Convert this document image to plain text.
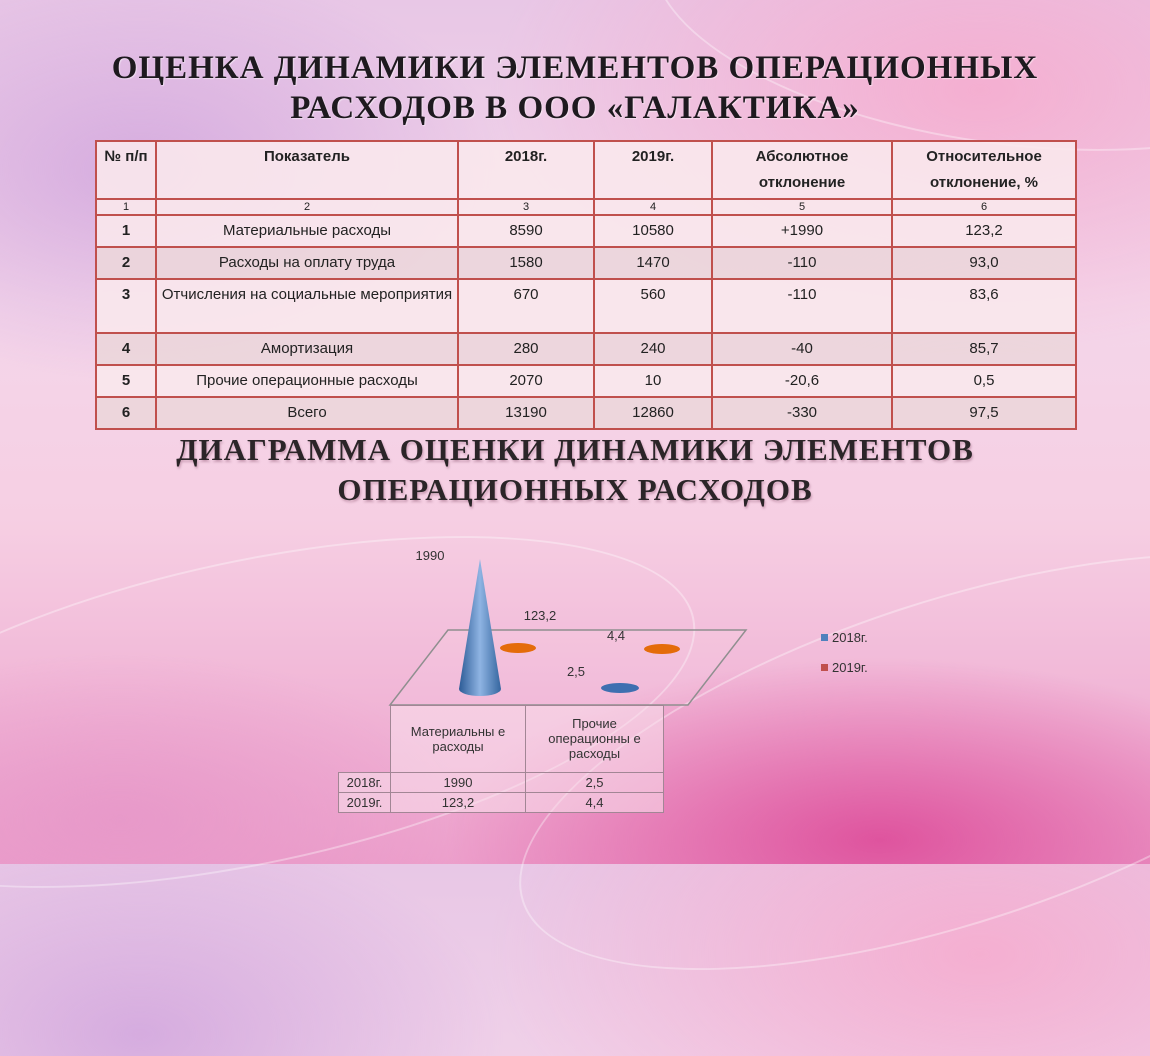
ОЦЕНКА ДИНАМИКИ ЭЛЕМЕНТОВ ОПЕРАЦИОННЫХ
РАСХОДОВ В ООО «ГАЛАКТИКА»
№ п/п	Показатель	2018г.	2019г.	Абсолютное отклонение	Относительное отклонение, %
1	2	3	4	5	6
1	Материальные расходы	8590	10580	+1990	123,2
2	Расходы на оплату труда	1580	1470	-110	93,0
3	Отчисления на социальные мероприятия	670	560	-110	83,6
4	Амортизация	280	240	-40	85,7
5	Прочие операционные расходы	2070	10	-20,6	0,5
6	Всего	13190	12860	-330	97,5
ДИАГРАММА ОЦЕНКИ ДИНАМИКИ ЭЛЕМЕНТОВ
ОПЕРАЦИОННЫХ РАСХОДОВ
1990
2,5
123,2
4,4
	Материальны е расходы	Прочие операционны е расходы
2018г.	1990	2,5
2019г.	123,2	4,4
2018г.
2019г.
